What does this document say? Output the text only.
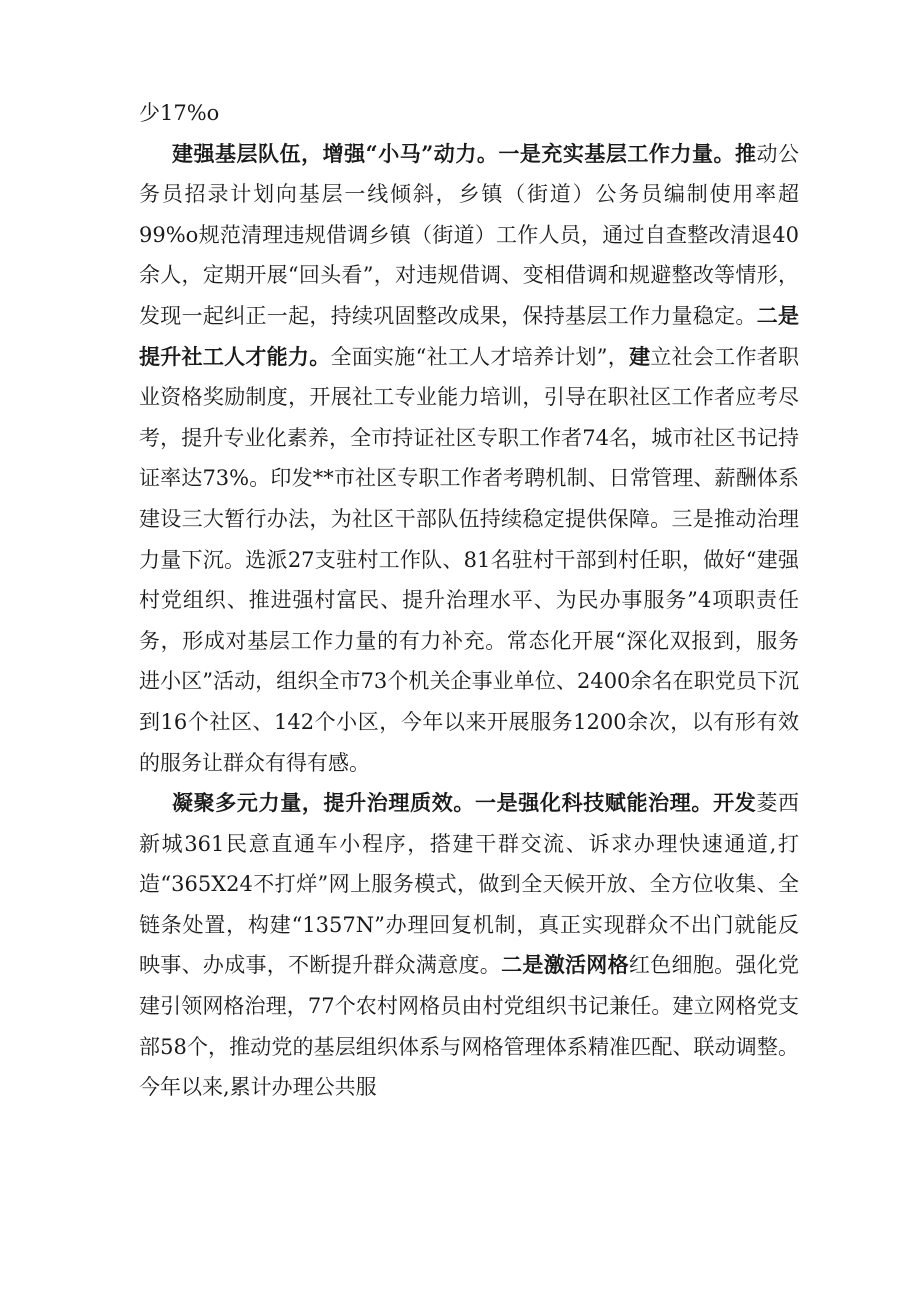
少17%o

建强基层队伍，增强“小马”动力。一是充实基层工作力量。推动公务员招录计划向基层一线倾斜，乡镇（街道）公务员编制使用率超99%o规范清理违规借调乡镇（街道）工作人员，通过自查整改清退40余人，定期开展“回头看”，对违规借调、变相借调和规避整改等情形，发现一起纠正一起，持续巩固整改成果，保持基层工作力量稳定。二是提升社工人才能力。全面实施“社工人才培养计划”，建立社会工作者职业资格奖励制度，开展社工专业能力培训，引导在职社区工作者应考尽考，提升专业化素养，全市持证社区专职工作者74名，城市社区书记持证率达73%。印发**市社区专职工作者考聘机制、日常管理、薪酬体系建设三大暂行办法，为社区干部队伍持续稳定提供保障。三是推动治理力量下沉。选派27支驻村工作队、81名驻村干部到村任职，做好“建强村党组织、推进强村富民、提升治理水平、为民办事服务”4项职责任务，形成对基层工作力量的有力补充。常态化开展“深化双报到，服务进小区”活动，组织全市73个机关企事业单位、2400余名在职党员下沉到16个社区、142个小区，今年以来开展服务1200余次，以有形有效的服务让群众有得有感。

凝聚多元力量，提升治理质效。一是强化科技赋能治理。开发菱西新城361民意直通车小程序，搭建干群交流、诉求办理快速通道,打造“365X24不打烊”网上服务模式，做到全天候开放、全方位收集、全链条处置，构建“1357N”办理回复机制，真正实现群众不出门就能反映事、办成事，不断提升群众满意度。二是激活网格红色细胞。强化党建引领网格治理，77个农村网格员由村党组织书记兼任。建立网格党支部58个，推动党的基层组织体系与网格管理体系精准匹配、联动调整。今年以来,累计办理公共服
